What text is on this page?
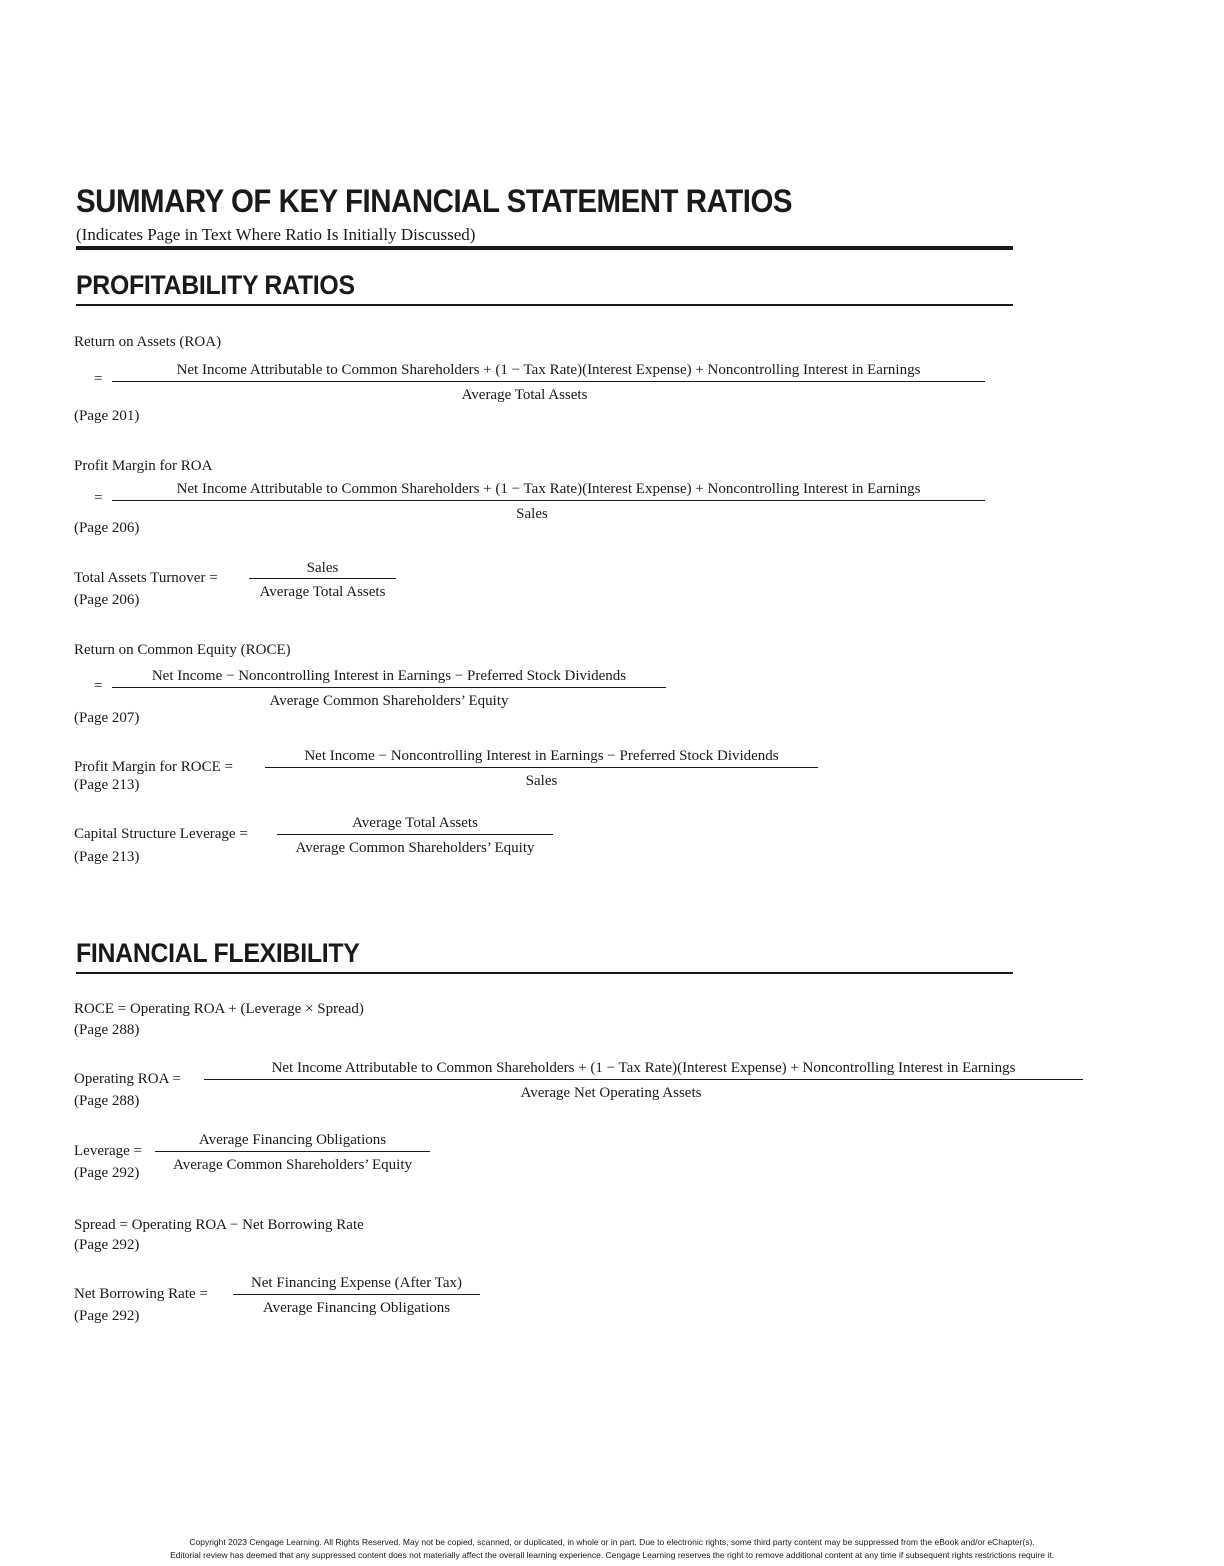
SUMMARY OF KEY FINANCIAL STATEMENT RATIOS
(Indicates Page in Text Where Ratio Is Initially Discussed)
PROFITABILITY RATIOS
Return on Assets (ROA)
=
Net Income Attributable to Common Shareholders + (1 − Tax Rate)(Interest Expense) + Noncontrolling Interest in Earnings
Average Total Assets
(Page 201)
Profit Margin for ROA
=
Net Income Attributable to Common Shareholders + (1 − Tax Rate)(Interest Expense) + Noncontrolling Interest in Earnings
Sales
(Page 206)
Total Assets Turnover =
Sales
Average Total Assets
(Page 206)
Return on Common Equity (ROCE)
=
Net Income − Noncontrolling Interest in Earnings − Preferred Stock Dividends
Average Common Shareholders’ Equity
(Page 207)
Profit Margin for ROCE =
Net Income − Noncontrolling Interest in Earnings − Preferred Stock Dividends
Sales
(Page 213)
Capital Structure Leverage =
Average Total Assets
Average Common Shareholders’ Equity
(Page 213)
FINANCIAL FLEXIBILITY
ROCE = Operating ROA + (Leverage × Spread)
(Page 288)
Operating ROA =
Net Income Attributable to Common Shareholders + (1 − Tax Rate)(Interest Expense) + Noncontrolling Interest in Earnings
Average Net Operating Assets
(Page 288)
Leverage =
Average Financing Obligations
Average Common Shareholders’ Equity
(Page 292)
Spread = Operating ROA − Net Borrowing Rate
(Page 292)
Net Borrowing Rate =
Net Financing Expense (After Tax)
Average Financing Obligations
(Page 292)
Copyright 2023 Cengage Learning. All Rights Reserved. May not be copied, scanned, or duplicated, in whole or in part. Due to electronic rights, some third party content may be suppressed from the eBook and/or eChapter(s).
Editorial review has deemed that any suppressed content does not materially affect the overall learning experience. Cengage Learning reserves the right to remove additional content at any time if subsequent rights restrictions require it.
